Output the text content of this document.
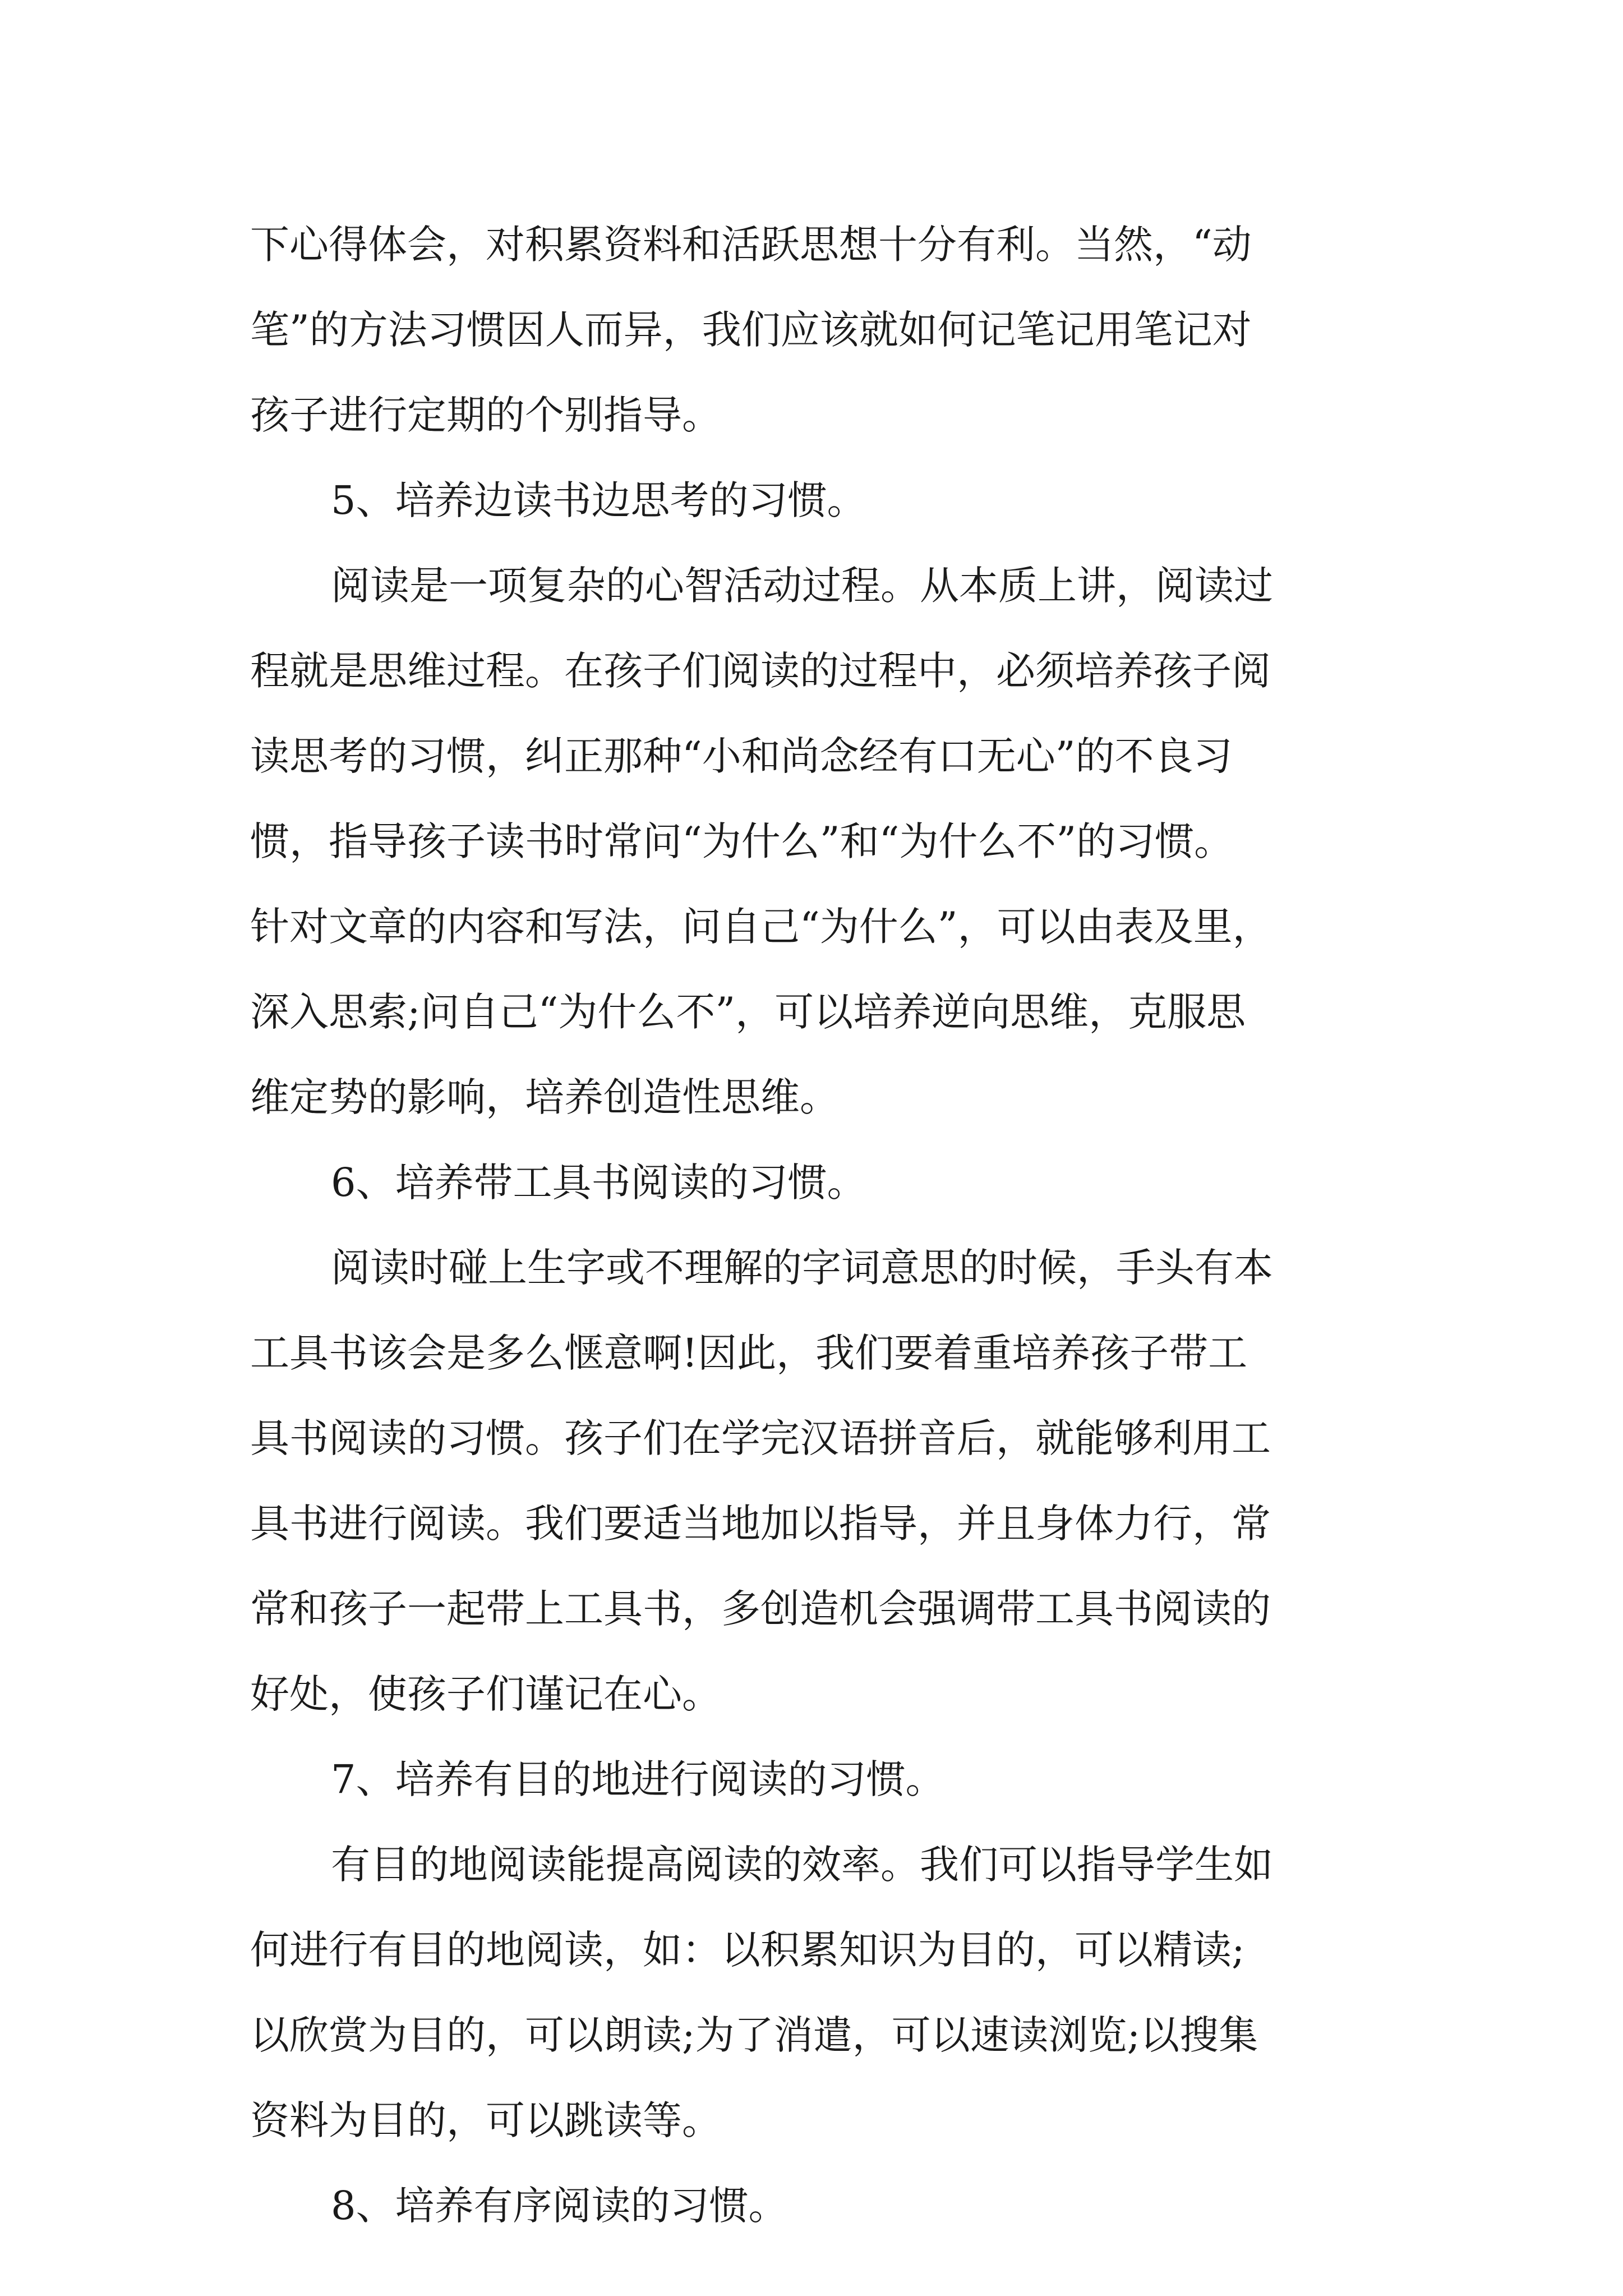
下心得体会，对积累资料和活跃思想十分有利。当然，“动
笔”的方法习惯因人而异，我们应该就如何记笔记用笔记对
孩子进行定期的个别指导。
5、培养边读书边思考的习惯。
阅读是一项复杂的心智活动过程。从本质上讲，阅读过
程就是思维过程。在孩子们阅读的过程中，必须培养孩子阅
读思考的习惯，纠正那种“小和尚念经有口无心”的不良习
惯，指导孩子读书时常问“为什么”和“为什么不”的习惯。
针对文章的内容和写法，问自己“为什么”，可以由表及里，
深入思索;问自己“为什么不”，可以培养逆向思维，克服思
维定势的影响，培养创造性思维。
6、培养带工具书阅读的习惯。
阅读时碰上生字或不理解的字词意思的时候，手头有本
工具书该会是多么惬意啊!因此，我们要着重培养孩子带工
具书阅读的习惯。孩子们在学完汉语拼音后，就能够利用工
具书进行阅读。我们要适当地加以指导，并且身体力行，常
常和孩子一起带上工具书，多创造机会强调带工具书阅读的
好处，使孩子们谨记在心。
7、培养有目的地进行阅读的习惯。
有目的地阅读能提高阅读的效率。我们可以指导学生如
何进行有目的地阅读，如：以积累知识为目的，可以精读;
以欣赏为目的，可以朗读;为了消遣，可以速读浏览;以搜集
资料为目的，可以跳读等。
8、培养有序阅读的习惯。
